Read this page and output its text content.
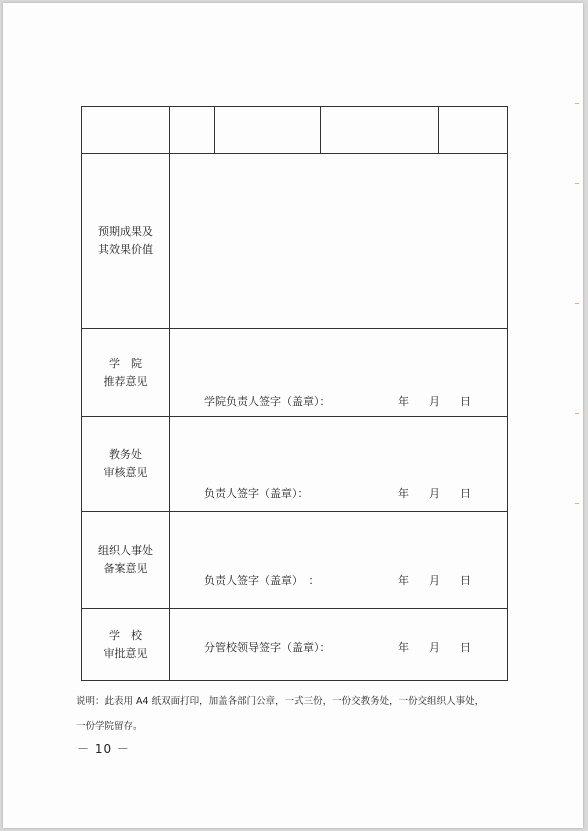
预期成果及
其效果价值	

学　院
推荐意见	学院负责人签字（盖章）： 年 月 日

教务处
审核意见	负责人签字（盖章）： 年 月 日

组织人事处
备案意见	负责人签字（盖章）　： 年 月 日

学　校
审批意见	分管校领导签字（盖章）： 年 月 日
说明：此表用 A4 纸双面打印，加盖各部门公章，一式三份，一份交教务处，一份交组织人事处，
一份学院留存。
－ 10 －
